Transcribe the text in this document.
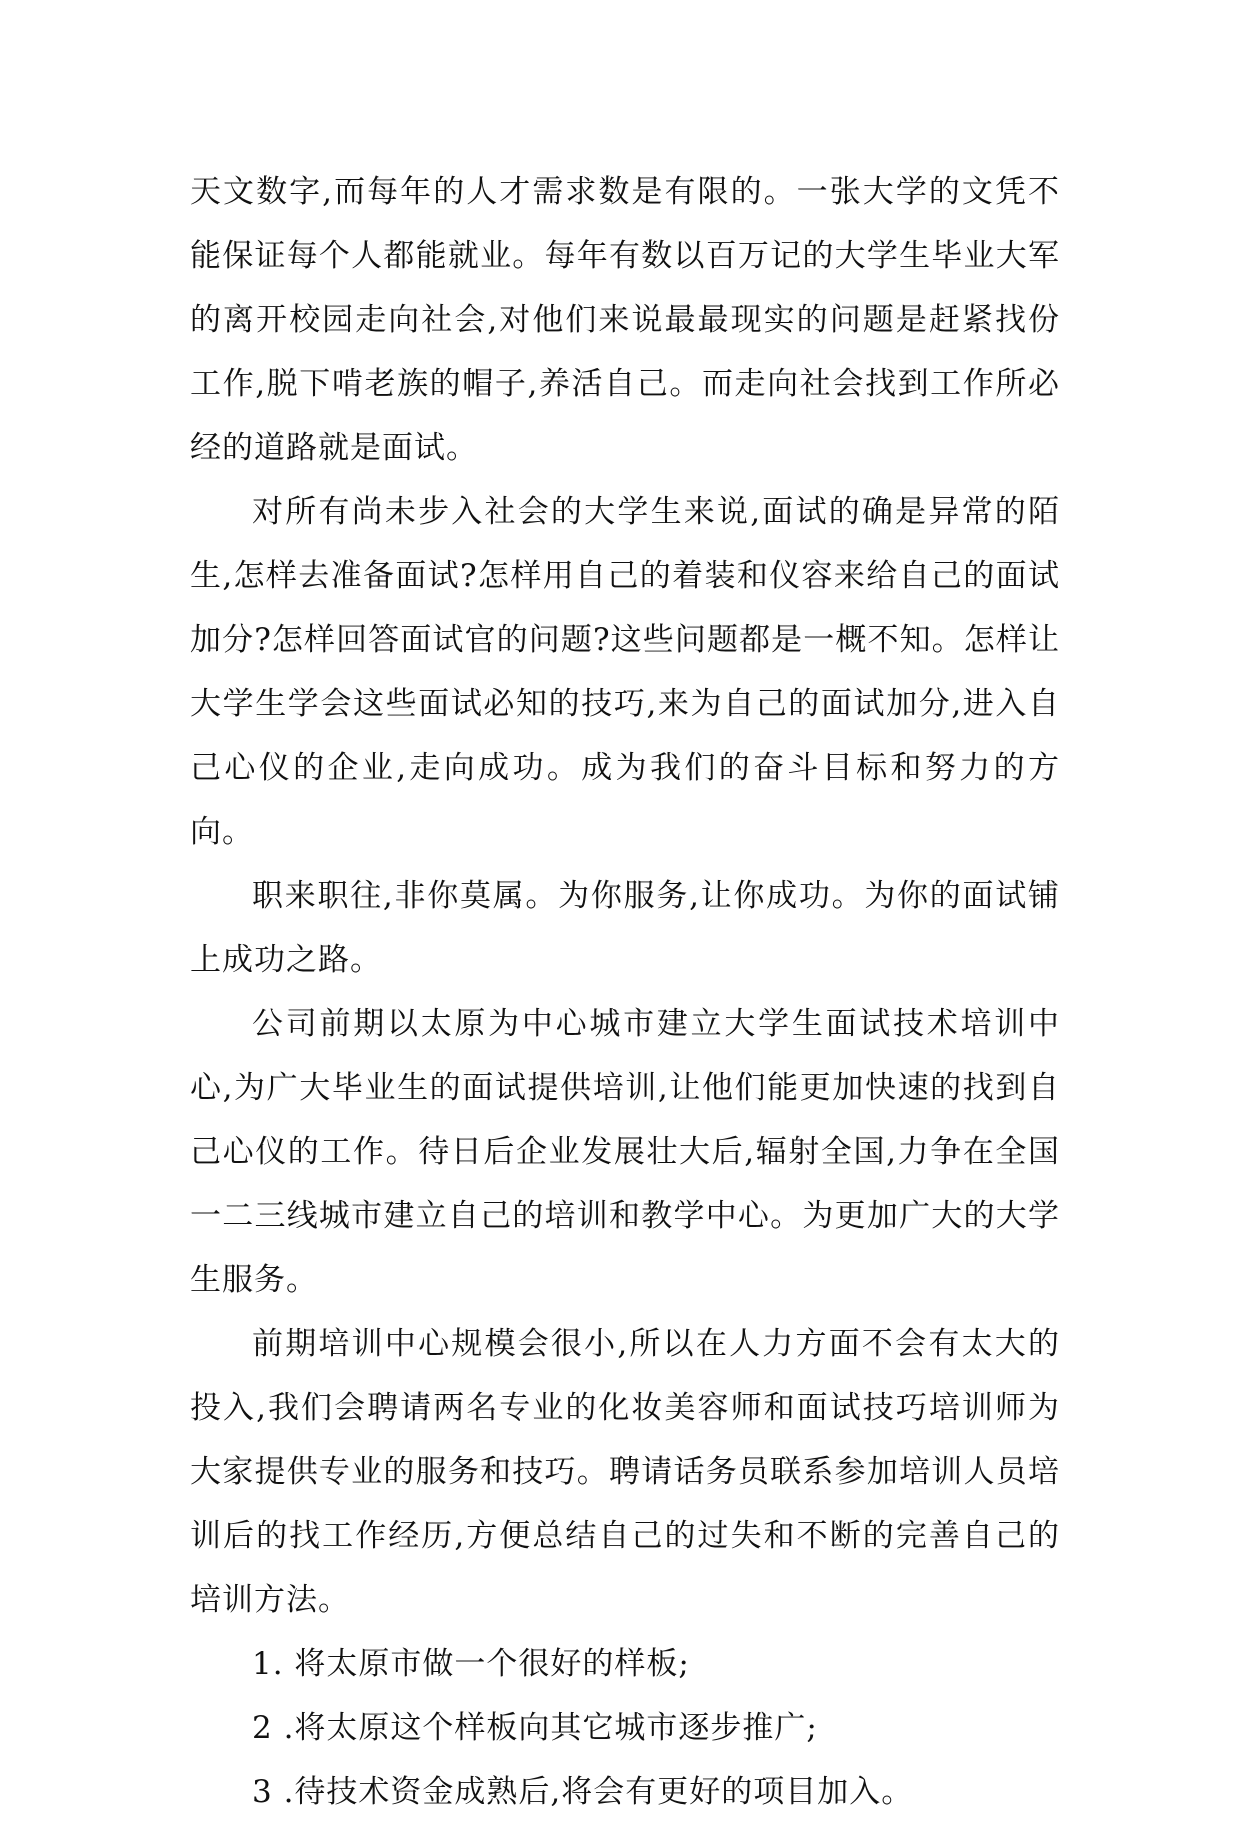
天文数字,而每年的人才需求数是有限的。一张大学的文凭不能保证每个人都能就业。每年有数以百万记的大学生毕业大军的离开校园走向社会,对他们来说最最现实的问题是赶紧找份工作,脱下啃老族的帽子,养活自己。而走向社会找到工作所必经的道路就是面试。

对所有尚未步入社会的大学生来说,面试的确是异常的陌生,怎样去准备面试?怎样用自己的着装和仪容来给自己的面试加分?怎样回答面试官的问题?这些问题都是一概不知。怎样让大学生学会这些面试必知的技巧,来为自己的面试加分,进入自己心仪的企业,走向成功。成为我们的奋斗目标和努力的方向。

职来职往,非你莫属。为你服务,让你成功。为你的面试铺上成功之路。

公司前期以太原为中心城市建立大学生面试技术培训中心,为广大毕业生的面试提供培训,让他们能更加快速的找到自己心仪的工作。待日后企业发展壮大后,辐射全国,力争在全国一二三线城市建立自己的培训和教学中心。为更加广大的大学生服务。

前期培训中心规模会很小,所以在人力方面不会有太大的投入,我们会聘请两名专业的化妆美容师和面试技巧培训师为大家提供专业的服务和技巧。聘请话务员联系参加培训人员培训后的找工作经历,方便总结自己的过失和不断的完善自己的培训方法。

1. 将太原市做一个很好的样板;
2 .将太原这个样板向其它城市逐步推广;
3 .待技术资金成熟后,将会有更好的项目加入。
